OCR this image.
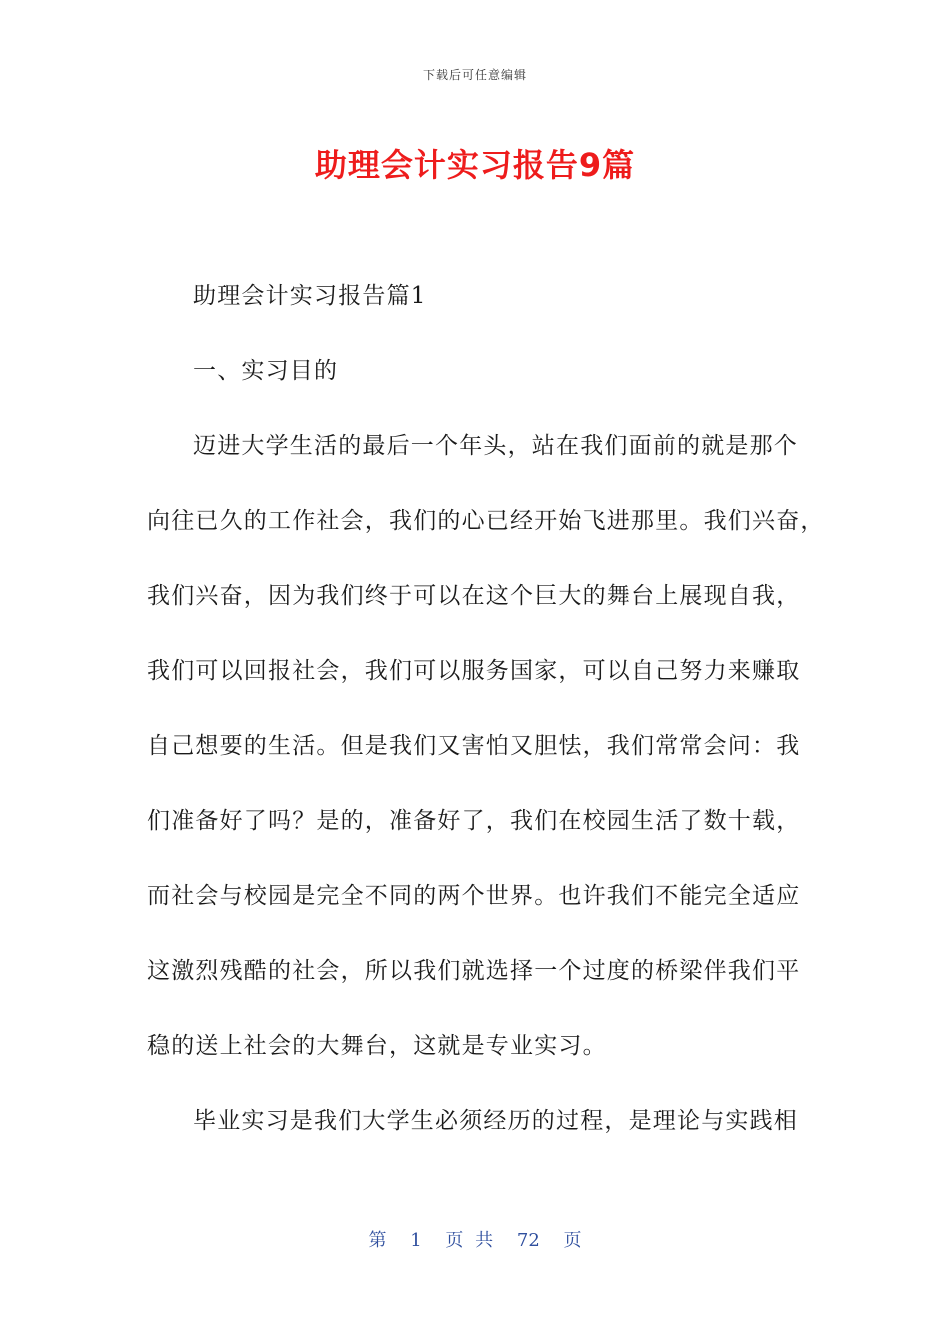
下载后可任意编辑
助理会计实习报告9篇
助理会计实习报告篇1
一、实习目的
迈进大学生活的最后一个年头，站在我们面前的就是那个
向往已久的工作社会，我们的心已经开始飞进那里。我们兴奋，
我们兴奋，因为我们终于可以在这个巨大的舞台上展现自我，
我们可以回报社会，我们可以服务国家，可以自己努力来赚取
自己想要的生活。但是我们又害怕又胆怯，我们常常会问：我
们准备好了吗？是的，准备好了，我们在校园生活了数十载，
而社会与校园是完全不同的两个世界。也许我们不能完全适应
这激烈残酷的社会，所以我们就选择一个过度的桥梁伴我们平
稳的送上社会的大舞台，这就是专业实习。
毕业实习是我们大学生必须经历的过程，是理论与实践相
第 1 页 共 72 页
